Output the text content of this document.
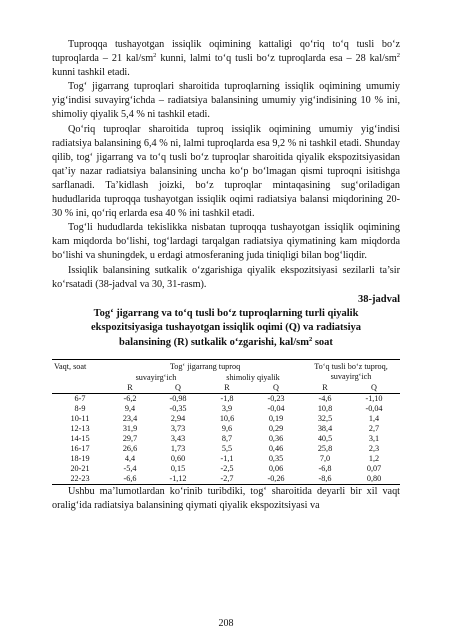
Tuproqqa tushayotgan issiqlik oqimining kattaligi qo‘riq to‘q tusli bo‘z tuproqlarda – 21 kal/$sm^2$ kunni, lalmi to‘q tusli bo‘z tuproqlarda esa – 28 kal/$sm^2$ kunni tashkil etadi.

Tog‘ jigarrang tuproqlari sharoitida tuproqlarning issiqlik oqimining umumiy yig‘indisi suvayirg‘ichda – radiatsiya balansining umumiy yig‘indisining 10 % ini, shimoliy qiyalik 5,4 % ni tashkil etadi.

Qo‘riq tuproqlar sharoitida tuproq issiqlik oqimining umumiy yig‘indisi radiatsiya balansining 6,4 % ni, lalmi tuproqlarda esa 9,2 % ni tashkil etadi. Shunday qilib, tog‘ jigarrang va to‘q tusli bo‘z tuproqlar sharoitida qiyalik ekspozitsiyasidan qat’iy nazar radiatsiya balansining uncha ko‘p bo‘lmagan qismi tuproqni isitishga sarflanadi. Ta’kidlash joizki, bo‘z tuproqlar mintaqasining sug‘oriladigan hududlarida tuproqqa tushayotgan issiqlik oqimi radiatsiya balansi miqdorining 20-30 % ini, qo‘riq erlarda esa 40 % ini tashkil etadi.

Tog‘li hududlarda tekislikka nisbatan tuproqqa tushayotgan issiqlik oqimining kam miqdorda bo‘lishi, tog‘lardagi tarqalgan radiatsiya qiymatining kam miqdorda bo‘lishi va shuningdek, u erdagi atmosferaning juda tiniqligi bilan bog‘liqdir.

Issiqlik balansining sutkalik o‘zgarishiga qiyalik ekspozitsiyasi sezilarli ta’sir ko‘rsatadi (38-jadval va 30, 31-rasm).

38-jadval
Tog‘ jigarrang va to‘q tusli bo‘z tuproqlarning turli qiyalik
ekspozitsiyasiga tushayotgan issiqlik oqimi (Q) va radiatsiya
balansining (R) sutkalik o‘zgarishi, kal/$sm^2$ soat
Vaqt, soat	Tog‘ jigarrang tuproq				To‘q tusli bo‘z tuproq, suvayirg‘ich	
	suvayirg‘ich		shimoliy qiyalik			
	R	Q	R	Q	R	Q
6-7	-6,2	-0,98	-1,8	-0,23	-4,6	-1,10
8-9	9,4	-0,35	3,9	-0,04	10,8	-0,04
10-11	23,4	2,94	10,6	0,19	32,5	1,4
12-13	31,9	3,73	9,6	0,29	38,4	2,7
14-15	29,7	3,43	8,7	0,36	40,5	3,1
16-17	26,6	1,73	5,5	0,46	25,8	2,3
18-19	4,4	0,60	-1,1	0,35	7,0	1,2
20-21	-5,4	0,15	-2,5	0,06	-6,8	0,07
22-23	-6,6	-1,12	-2,7	-0,26	-8,6	0,80

Ushbu ma’lumotlardan ko‘rinib turibdiki, tog‘ sharoitida deyarli bir xil vaqt oralig‘ida radiatsiya balansining qiymati qiyalik ekspozitsiyasi va

208
